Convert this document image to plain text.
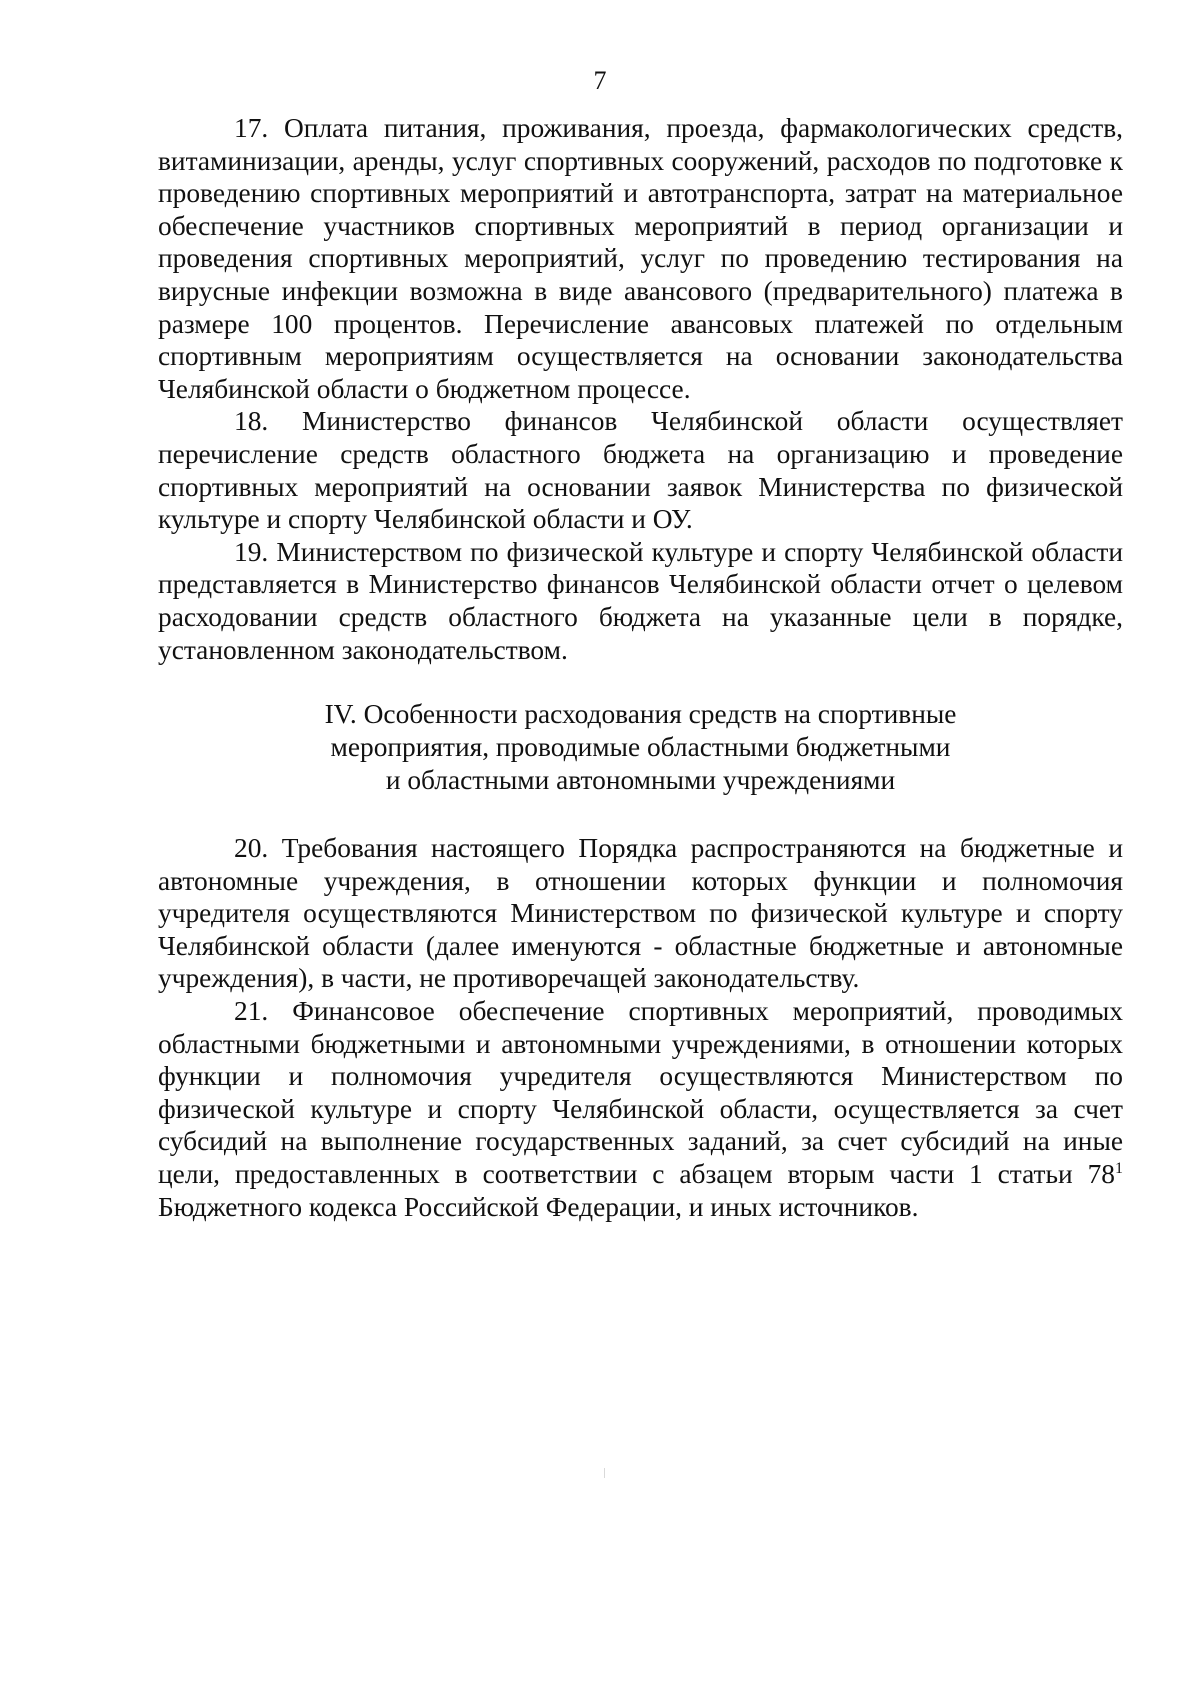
7

17. Оплата питания, проживания, проезда, фармакологических средств, витаминизации, аренды, услуг спортивных сооружений, расходов по подготовке к проведению спортивных мероприятий и автотранспорта, затрат на материальное обеспечение участников спортивных мероприятий в период организации и проведения спортивных мероприятий, услуг по проведению тестирования на вирусные инфекции возможна в виде авансового (предварительного) платежа в размере 100 процентов. Перечисление авансовых платежей по отдельным спортивным мероприятиям осуществляется на основании законодательства Челябинской области о бюджетном процессе.

18. Министерство финансов Челябинской области осуществляет перечисление средств областного бюджета на организацию и проведение спортивных мероприятий на основании заявок Министерства по физической культуре и спорту Челябинской области и ОУ.

19. Министерством по физической культуре и спорту Челябинской области представляется в Министерство финансов Челябинской области отчет о целевом расходовании средств областного бюджета на указанные цели в порядке, установленном законодательством.

IV. Особенности расходования средств на спортивные
мероприятия, проводимые областными бюджетными
и областными автономными учреждениями

20. Требования настоящего Порядка распространяются на бюджетные и автономные учреждения, в отношении которых функции и полномочия учредителя осуществляются Министерством по физической культуре и спорту Челябинской области (далее именуются - областные бюджетные и автономные учреждения), в части, не противоречащей законодательству.

21. Финансовое обеспечение спортивных мероприятий, проводимых областными бюджетными и автономными учреждениями, в отношении которых функции и полномочия учредителя осуществляются Министерством по физической культуре и спорту Челябинской области, осуществляется за счет субсидий на выполнение государственных заданий, за счет субсидий на иные цели, предоставленных в соответствии с абзацем вторым части 1 статьи $78^1$ Бюджетного кодекса Российской Федерации, и иных источников.
